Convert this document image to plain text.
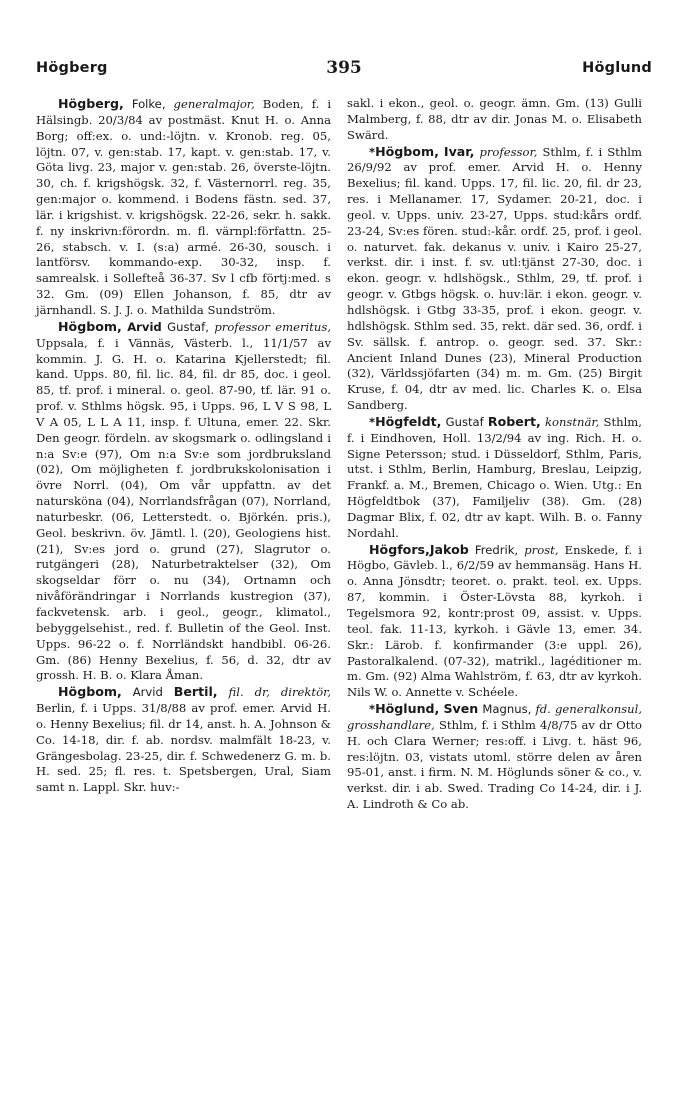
Högberg	395	Höglund

Högberg, Folke, generalmajor, Boden, f. i Hälsingb. 20/3/84 av postmäst. Knut H. o. Anna Borg; off:ex. o. und:-löjtn. v. Kronob. reg. 05, löjtn. 07, v. gen:stab. 17, kapt. v. gen:stab. 17, v. Göta livg. 23, major v. gen:stab. 26, överste-löjtn. 30, ch. f. krigshögsk. 32, f. Västernorrl. reg. 35, gen:major o. kommend. i Bodens fästn. sed. 37, lär. i krigshist. v. krigshögsk. 22-26, sekr. h. sakk. f. ny inskrivn:förordn. m. fl. värnpl:författn. 25-26, stabsch. v. I. (s:a) armé. 26-30, sousch. i lantförsv. kommando-exp. 30-32, insp. f. samrealsk. i Sollefteå 36-37. Sv l cfb förtj:med. s 32. Gm. (09) Ellen Johanson, f. 85, dtr av järnhandl. S. J. J. o. Mathilda Sundström.

Högbom, Arvid Gustaf, professor emeritus, Uppsala, f. i Vännäs, Västerb. l., 11/1/57 av kommin. J. G. H. o. Katarina Kjellerstedt; fil. kand. Upps. 80, fil. lic. 84, fil. dr 85, doc. i geol. 85, tf. prof. i mineral. o. geol. 87-90, tf. lär. 91 o. prof. v. Sthlms högsk. 95, i Upps. 96, L V S 98, L V A 05, L L A 11, insp. f. Ultuna, emer. 22. Skr. Den geogr. fördeln. av skogsmark o. odlingsland i n:a Sv:e (97), Om n:a Sv:e som jordbruksland (02), Om möjligheten f. jordbrukskolonisation i övre Norrl. (04), Om vår uppfattn. av det natursköna (04), Norrlandsfrågan (07), Norrland, naturbeskr. (06, Letterstedt. o. Björkén. pris.), Geol. beskrivn. öv. Jämtl. l. (20), Geologiens hist. (21), Sv:es jord o. grund (27), Slagrutor o. rutgängeri (28), Naturbetraktelser (32), Om skogseldar förr o. nu (34), Ortnamn och nivåförändringar i Norrlands kustregion (37), fackvetensk. arb. i geol., geogr., klimatol., bebyggelsehist., red. f. Bulletin of the Geol. Inst. Upps. 96-22 o. f. Norrländskt handbibl. 06-26. Gm. (86) Henny Bexelius, f. 56, d. 32, dtr av grossh. H. B. o. Klara Åman.

Högbom, Arvid Bertil, fil. dr, direktör, Berlin, f. i Upps. 31/8/88 av prof. emer. Arvid H. o. Henny Bexelius; fil. dr 14, anst. h. A. Johnson & Co. 14-18, dir. f. ab. nordsv. malmfält 18-23, v. Grängesbolag. 23-25, dir. f. Schwedenerz G. m. b. H. sed. 25; fl. res. t. Spetsbergen, Ural, Siam samt n. Lappl. Skr. huv:-

sakl. i ekon., geol. o. geogr. ämn. Gm. (13) Gulli Malmberg, f. 88, dtr av dir. Jonas M. o. Elisabeth Swärd.

*Högbom, Ivar, professor, Sthlm, f. i Sthlm 26/9/92 av prof. emer. Arvid H. o. Henny Bexelius; fil. kand. Upps. 17, fil. lic. 20, fil. dr 23, res. i Mellanamer. 17, Sydamer. 20-21, doc. i geol. v. Upps. univ. 23-27, Upps. stud:kårs ordf. 23-24, Sv:es fören. stud:-kår. ordf. 25, prof. i geol. o. naturvet. fak. dekanus v. univ. i Kairo 25-27, verkst. dir. i inst. f. sv. utl:tjänst 27-30, doc. i ekon. geogr. v. hdlshögsk., Sthlm, 29, tf. prof. i geogr. v. Gtbgs högsk. o. huv:lär. i ekon. geogr. v. hdlshögsk. i Gtbg 33-35, prof. i ekon. geogr. v. hdlshögsk. Sthlm sed. 35, rekt. där sed. 36, ordf. i Sv. sällsk. f. antrop. o. geogr. sed. 37. Skr.: Ancient Inland Dunes (23), Mineral Production (32), Världssjöfarten (34) m. m. Gm. (25) Birgit Kruse, f. 04, dtr av med. lic. Charles K. o. Elsa Sandberg.

*Högfeldt, Gustaf Robert, konstnär, Sthlm, f. i Eindhoven, Holl. 13/2/94 av ing. Rich. H. o. Signe Petersson; stud. i Düsseldorf, Sthlm, Paris, utst. i Sthlm, Berlin, Hamburg, Breslau, Leipzig, Frankf. a. M., Bremen, Chicago o. Wien. Utg.: En Högfeldtbok (37), Familjeliv (38). Gm. (28) Dagmar Blix, f. 02, dtr av kapt. Wilh. B. o. Fanny Nordahl.

Högfors,Jakob Fredrik, prost, Enskede, f. i Högbo, Gävleb. l., 6/2/59 av hemmansäg. Hans H. o. Anna Jönsdtr; teoret. o. prakt. teol. ex. Upps. 87, kommin. i Öster-Lövsta 88, kyrkoh. i Tegelsmora 92, kontr:prost 09, assist. v. Upps. teol. fak. 11-13, kyrkoh. i Gävle 13, emer. 34. Skr.: Lärob. f. konfirmander (3:e uppl. 26), Pastoralkalend. (07-32), matrikl., lagéditioner m. m. Gm. (92) Alma Wahlström, f. 63, dtr av kyrkoh. Nils W. o. Annette v. Schéele.

*Höglund, Sven Magnus, fd. generalkonsul, grosshandlare, Sthlm, f. i Sthlm 4/8/75 av dr Otto H. och Clara Werner; res:off. i Livg. t. häst 96, res:löjtn. 03, vistats utoml. större delen av åren 95-01, anst. i firm. N. M. Höglunds söner & co., v. verkst. dir. i ab. Swed. Trading Co 14-24, dir. i J. A. Lindroth & Co ab.
